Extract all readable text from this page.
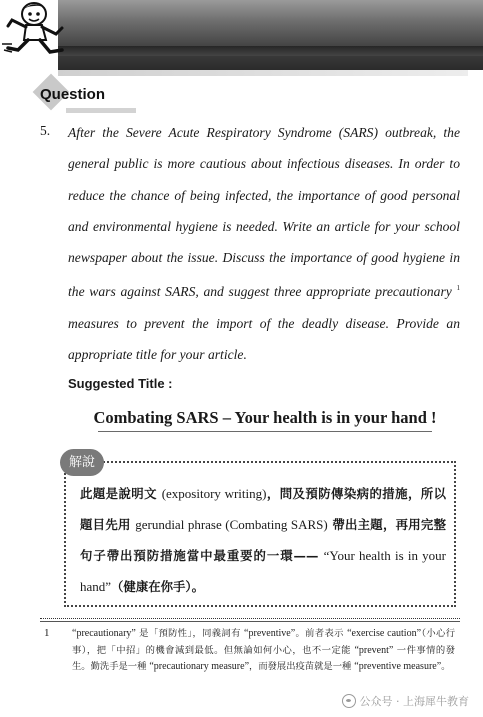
Question
5. After the Severe Acute Respiratory Syndrome (SARS) outbreak, the general public is more cautious about infectious diseases. In order to reduce the chance of being infected, the importance of good personal and environmental hygiene is needed. Write an article for your school newspaper about the issue. Discuss the importance of good hygiene in the wars against SARS, and suggest three appropriate precautionary $^1$ measures to prevent the import of the deadly disease. Provide an appropriate title for your article.
Suggested Title :
Combating SARS – Your health is in your hand !
解說
此題是說明文 (expository writing)，問及預防傳染病的措施，所以題目先用 gerundial phrase (Combating SARS) 帶出主題，再用完整句子帶出預防措施當中最重要的一環—— “Your health is in your hand”（健康在你手）。
1 “precautionary” 是「預防性」，同義詞有 “preventive”。前者表示 “exercise caution”（小心行事），把「中招」的機會減到最低。但無論如何小心，也不一定能 “prevent” 一件事情的發生。勤洗手是一種 “precautionary measure”，而發展出疫苗就是一種 “preventive measure”。
公众号 · 上海犀牛教育
